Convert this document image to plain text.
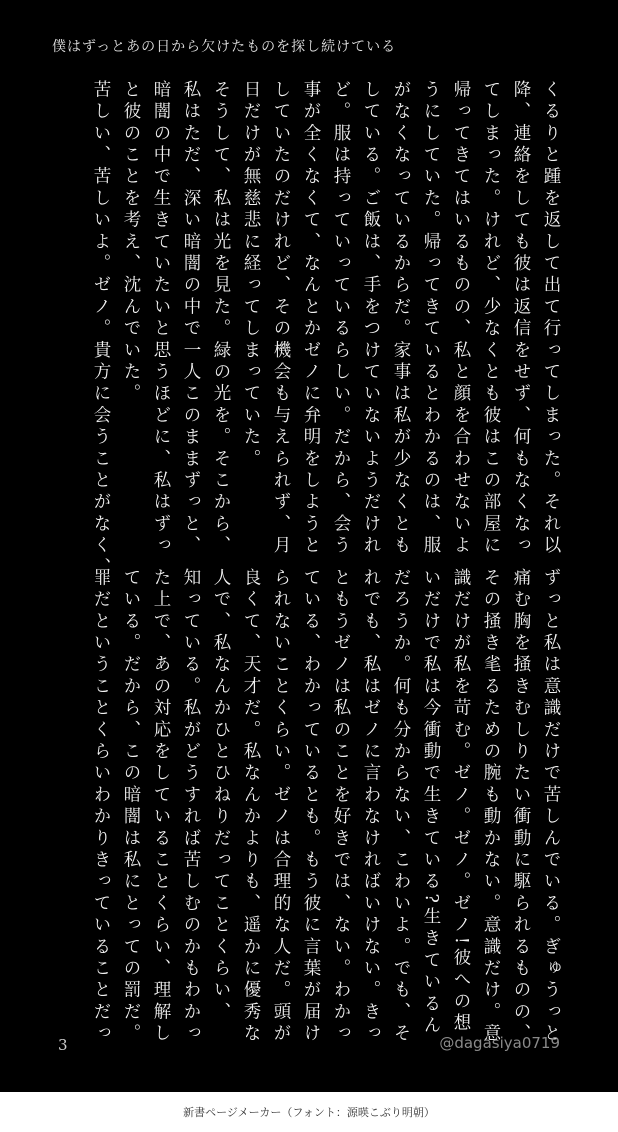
僕はずっとあの日から欠けたものを探し続けている
くるりと踵を返して出て行ってしまった。それ以
降、連絡をしても彼は返信をせず、何もなくなっ
てしまった。けれど、少なくとも彼はこの部屋に
帰ってきてはいるものの、私と顔を合わせないよ
うにしていた。帰ってきているとわかるのは、服
がなくなっているからだ。家事は私が少なくとも
している。ご飯は、手をつけていないようだけれ
ど。服は持っていっているらしい。だから、会う
事が全くなくて、なんとかゼノに弁明をしようと
していたのだけれど、その機会も与えられず、月
日だけが無慈悲に経ってしまっていた。
そうして、私は光を見た。緑の光を。そこから、
私はただ、深い暗闇の中で一人このままずっと、
暗闇の中で生きていたいと思うほどに、私はずっ
と彼のことを考え、沈んでいた。
苦しい、苦しいよ。ゼノ。貴方に会うことがなく、
ずっと私は意識だけで苦しんでいる。ぎゅうっと
痛む胸を掻きむしりたい衝動に駆られるものの、
その掻き毟るための腕も動かない。意識だけ。意
識だけが私を苛む。ゼノ。ゼノ。ゼノ!彼への想
いだけで私は今衝動で生きている?生きているん
だろうか。何も分からない、こわいよ。でも、そ
れでも、私はゼノに言わなければいけない。きっ
ともうゼノは私のことを好きでは、ない。わかっ
ている、わかっているとも。もう彼に言葉が届け
られないことくらい。ゼノは合理的な人だ。頭が
良くて、天才だ。私なんかよりも、遥かに優秀な
人で、私なんかひとひねりだってことくらい、
知っている。私がどうすれば苦しむのかもわかっ
た上で、あの対応をしていることくらい、理解し
ている。だから、この暗闇は私にとっての罰だ。
罪だということくらいわかりきっていることだっ
3	@dagasiya0719
新書ページメーカー（フォント：源暎こぶり明朝）
